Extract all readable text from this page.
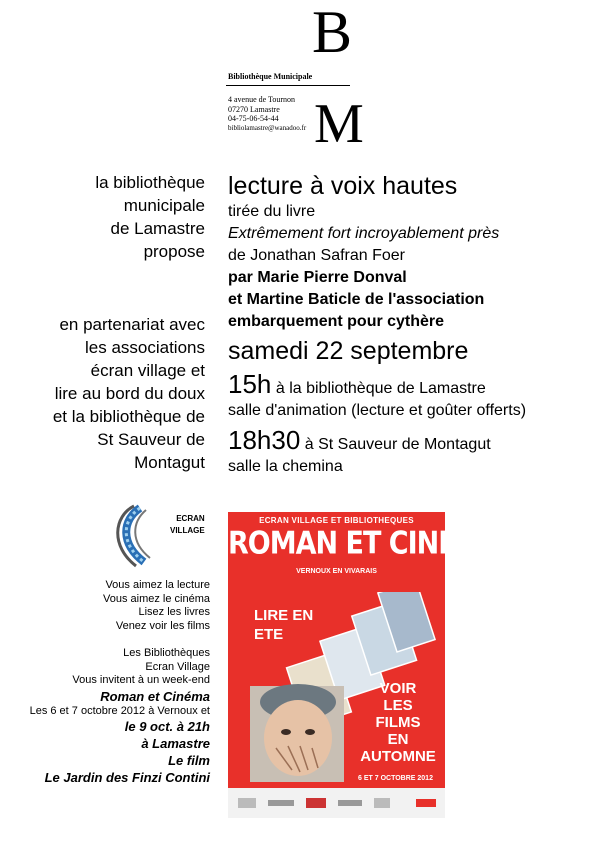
B
Bibliothèque Municipale
4 avenue de Tournon
07270 Lamastre
04-75-06-54-44
bibliolamastre@wanadoo.fr M
la bibliothèque
municipale
de Lamastre
propose
en partenariat avec
les associations
écran village et
lire au bord du doux
et la bibliothèque de
St Sauveur de
Montagut
lecture à voix hautes
tirée du livre
Extrêmement fort incroyablement près
de Jonathan Safran Foer
par Marie Pierre Donval
et Martine Baticle de l'association
embarquement pour cythère
samedi 22 septembre
15h à la bibliothèque de Lamastre
salle d'animation (lecture et goûter offerts)
18h30 à St Sauveur de Montagut
salle la chemina
ECRAN
VILLAGE
Vous aimez la lecture
Vous aimez le cinéma
Lisez les livres
Venez voir les films
Les Bibliothèques
Ecran Village
Vous invitent à un week-end
Roman et Cinéma
Les 6 et 7 octobre 2012 à Vernoux et
le 9 oct. à 21h
à Lamastre
Le film
Le Jardin des Finzi Contini
ECRAN VILLAGE ET BIBLIOTHEQUES
ROMAN ET CINEMA
VERNOUX EN VIVARAIS
LIRE EN
ETE
VOIR
LES
FILMS
EN
AUTOMNE
6 ET 7 OCTOBRE 2012
